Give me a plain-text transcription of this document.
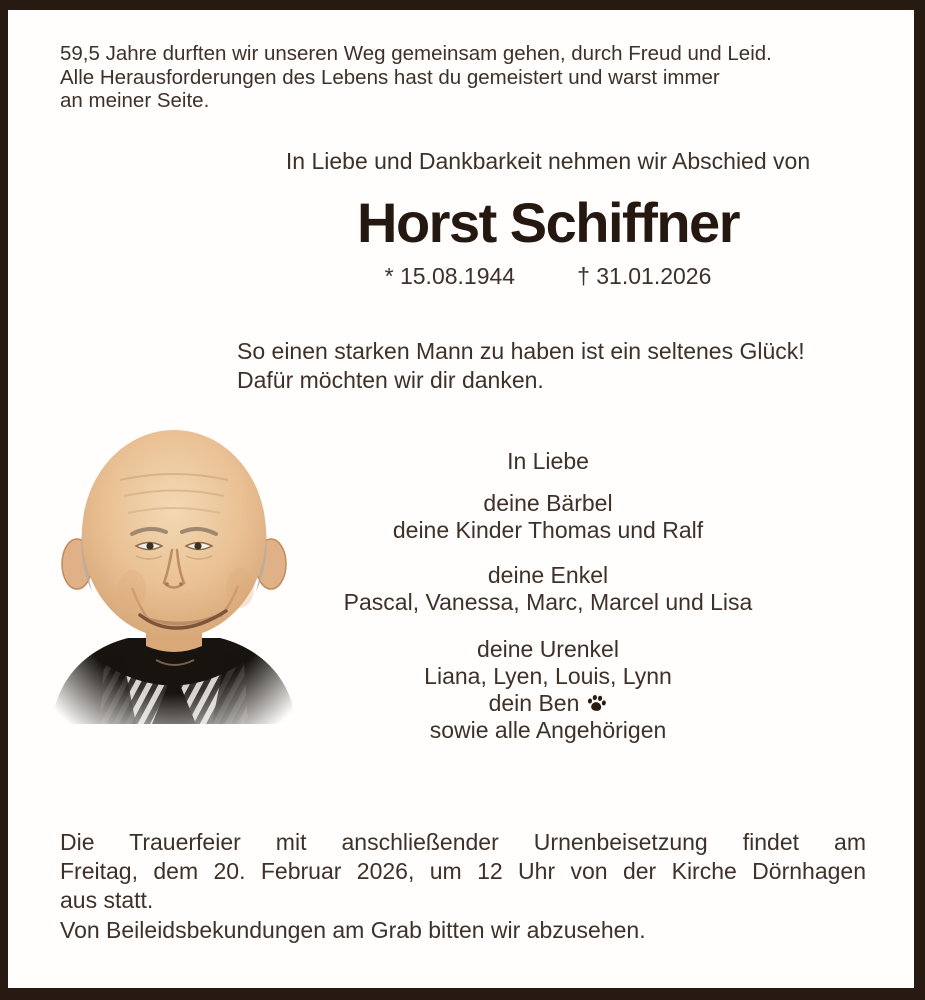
59,5 Jahre durften wir unseren Weg gemeinsam gehen, durch Freud und Leid.
Alle Herausforderungen des Lebens hast du gemeistert und warst immer
an meiner Seite.
In Liebe und Dankbarkeit nehmen wir Abschied von
Horst Schiffner
* 15.08.1944	† 31.01.2026
In Liebe
deine Bärbel
deine Kinder Thomas und Ralf
deine Enkel
Pascal, Vanessa, Marc, Marcel und Lisa
deine Urenkel
Liana, Lyen, Louis, Lynn
dein Ben
sowie alle Angehörigen
So einen starken Mann zu haben ist ein seltenes Glück!
Dafür möchten wir dir danken.
Die Trauerfeier mit anschließender Urnenbeisetzung findet am
Freitag, dem 20. Februar 2026, um 12 Uhr von der Kirche Dörnhagen
aus statt.
Von Beileidsbekundungen am Grab bitten wir abzusehen.
